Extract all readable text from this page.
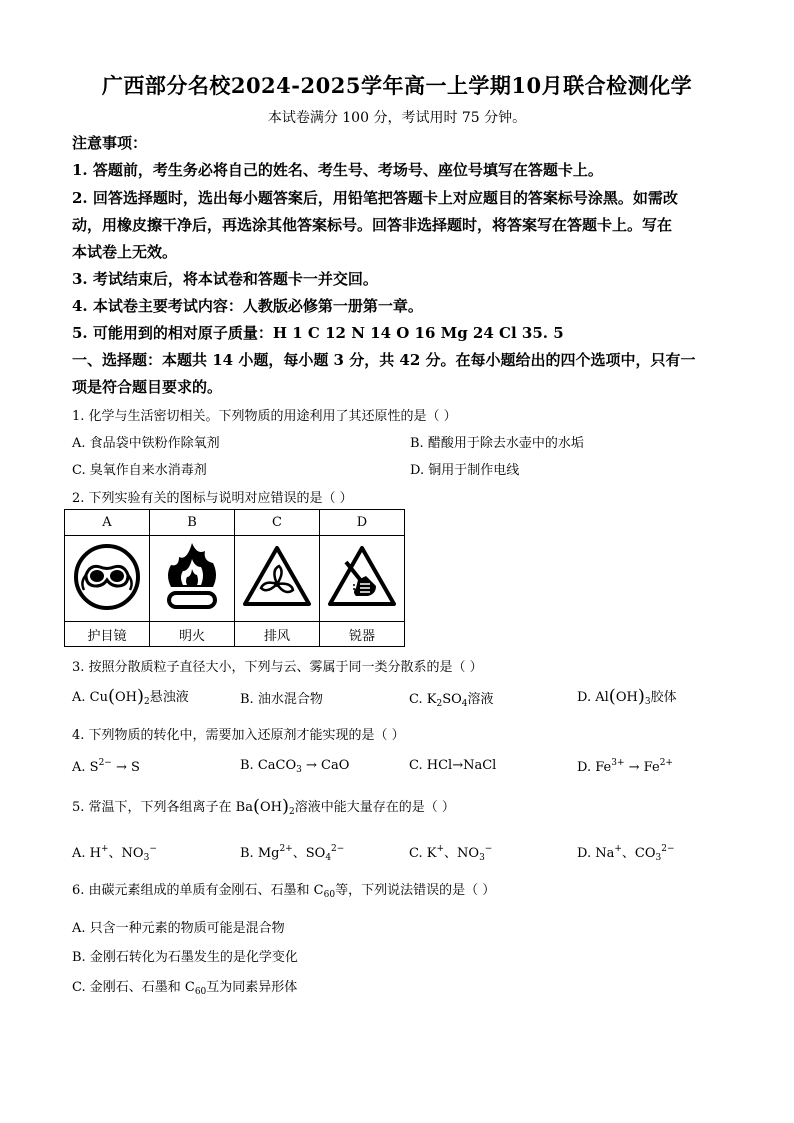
广西部分名校2024-2025学年高一上学期10月联合检测化学
本试卷满分 100 分，考试用时 75 分钟。
注意事项：
1. 答题前，考生务必将自己的姓名、考生号、考场号、座位号填写在答题卡上。
2. 回答选择题时，选出每小题答案后，用铅笔把答题卡上对应题目的答案标号涂黑。如需改
动，用橡皮擦干净后，再选涂其他答案标号。回答非选择题时，将答案写在答题卡上。写在
本试卷上无效。
3. 考试结束后，将本试卷和答题卡一并交回。
4. 本试卷主要考试内容：人教版必修第一册第一章。
5. 可能用到的相对原子质量：H 1 C 12 N 14 O 16 Mg 24 Cl 35. 5
一、选择题：本题共 14 小题，每小题 3 分，共 42 分。在每小题给出的四个选项中，只有一
项是符合题目要求的。
1. 化学与生活密切相关。下列物质的用途利用了其还原性的是（ ）
A. 食品袋中铁粉作除氧剂	B. 醋酸用于除去水壶中的水垢
C. 臭氧作自来水消毒剂	D. 铜用于制作电线
2. 下列实验有关的图标与说明对应错误的是（ ）
A	B	C	D

护目镜	明火	排风	锐器
3. 按照分散质粒子直径大小，下列与云、雾属于同一类分散系的是（ ）
A. $Cu(OH)_2$悬浊液	B. 油水混合物	C. $K_2SO_4$溶液	D. $Al(OH)_3$胶体
4. 下列物质的转化中，需要加入还原剂才能实现的是（ ）
A. $S^{2-} \to S$	B. CaCO$_3$ → CaO	C. HCl→NaCl	D. $Fe^{3+} \to Fe^{2+}$
5. 常温下，下列各组离子在 $Ba(OH)_2$溶液中能大量存在的是（ ）
A. H+、$NO_3^-$	B. $Mg^{2+}$、$SO_4^{2-}$	C. K+、$NO_3^-$	D. Na+、$CO_3^{2-}$
6. 由碳元素组成的单质有金刚石、石墨和 $C_{60}$等，下列说法错误的是（ ）
A. 只含一种元素的物质可能是混合物
B. 金刚石转化为石墨发生的是化学变化
C. 金刚石、石墨和 $C_{60}$互为同素异形体
